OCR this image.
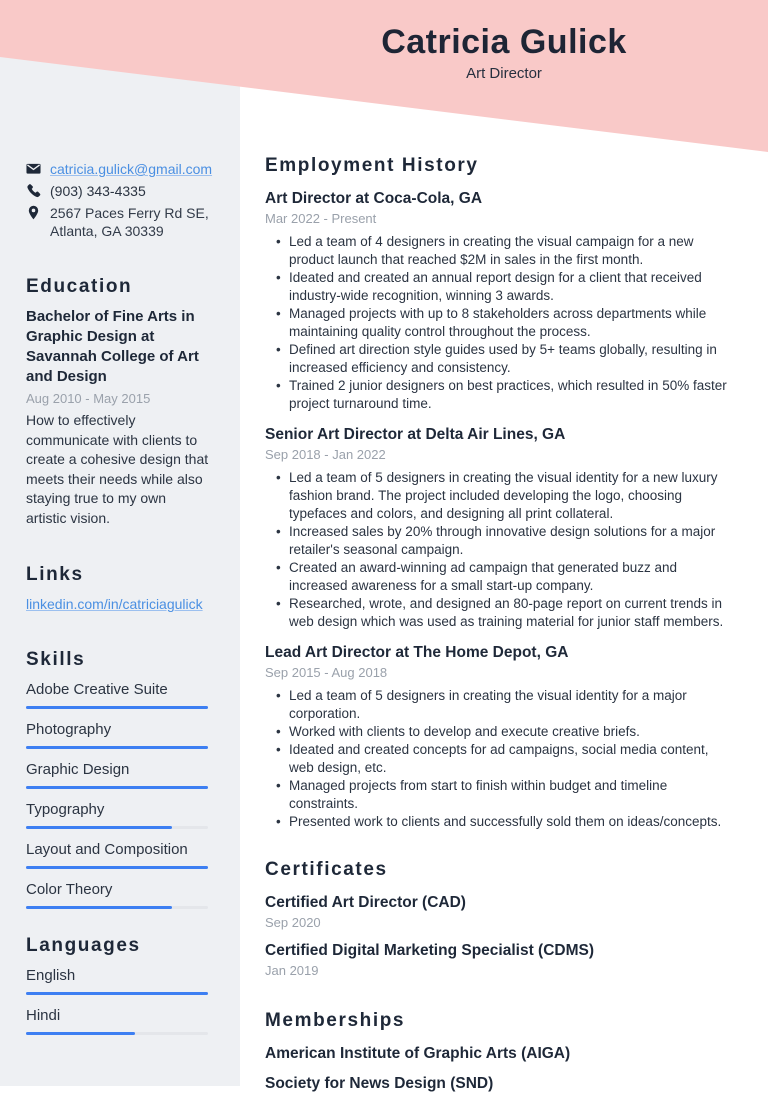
Catricia Gulick
Art Director
catricia.gulick@gmail.com
(903) 343-4335
2567 Paces Ferry Rd SE,
Atlanta, GA 30339
Education
Bachelor of Fine Arts in Graphic Design at Savannah College of Art and Design
Aug 2010 - May 2015
How to effectively communicate with clients to create a cohesive design that meets their needs while also staying true to my own artistic vision.
Links
linkedin.com/in/catriciagulick
Skills
Adobe Creative Suite
Photography
Graphic Design
Typography
Layout and Composition
Color Theory
Languages
English
Hindi
Employment History
Art Director at Coca-Cola, GA
Mar 2022 - Present
• Led a team of 4 designers in creating the visual campaign for a new product launch that reached $2M in sales in the first month.
• Ideated and created an annual report design for a client that received industry-wide recognition, winning 3 awards.
• Managed projects with up to 8 stakeholders across departments while maintaining quality control throughout the process.
• Defined art direction style guides used by 5+ teams globally, resulting in increased efficiency and consistency.
• Trained 2 junior designers on best practices, which resulted in 50% faster project turnaround time.
Senior Art Director at Delta Air Lines, GA
Sep 2018 - Jan 2022
• Led a team of 5 designers in creating the visual identity for a new luxury fashion brand. The project included developing the logo, choosing typefaces and colors, and designing all print collateral.
• Increased sales by 20% through innovative design solutions for a major retailer's seasonal campaign.
• Created an award-winning ad campaign that generated buzz and increased awareness for a small start-up company.
• Researched, wrote, and designed an 80-page report on current trends in web design which was used as training material for junior staff members.
Lead Art Director at The Home Depot, GA
Sep 2015 - Aug 2018
• Led a team of 5 designers in creating the visual identity for a major corporation.
• Worked with clients to develop and execute creative briefs.
• Ideated and created concepts for ad campaigns, social media content, web design, etc.
• Managed projects from start to finish within budget and timeline constraints.
• Presented work to clients and successfully sold them on ideas/concepts.
Certificates
Certified Art Director (CAD)
Sep 2020
Certified Digital Marketing Specialist (CDMS)
Jan 2019
Memberships
American Institute of Graphic Arts (AIGA)
Society for News Design (SND)
